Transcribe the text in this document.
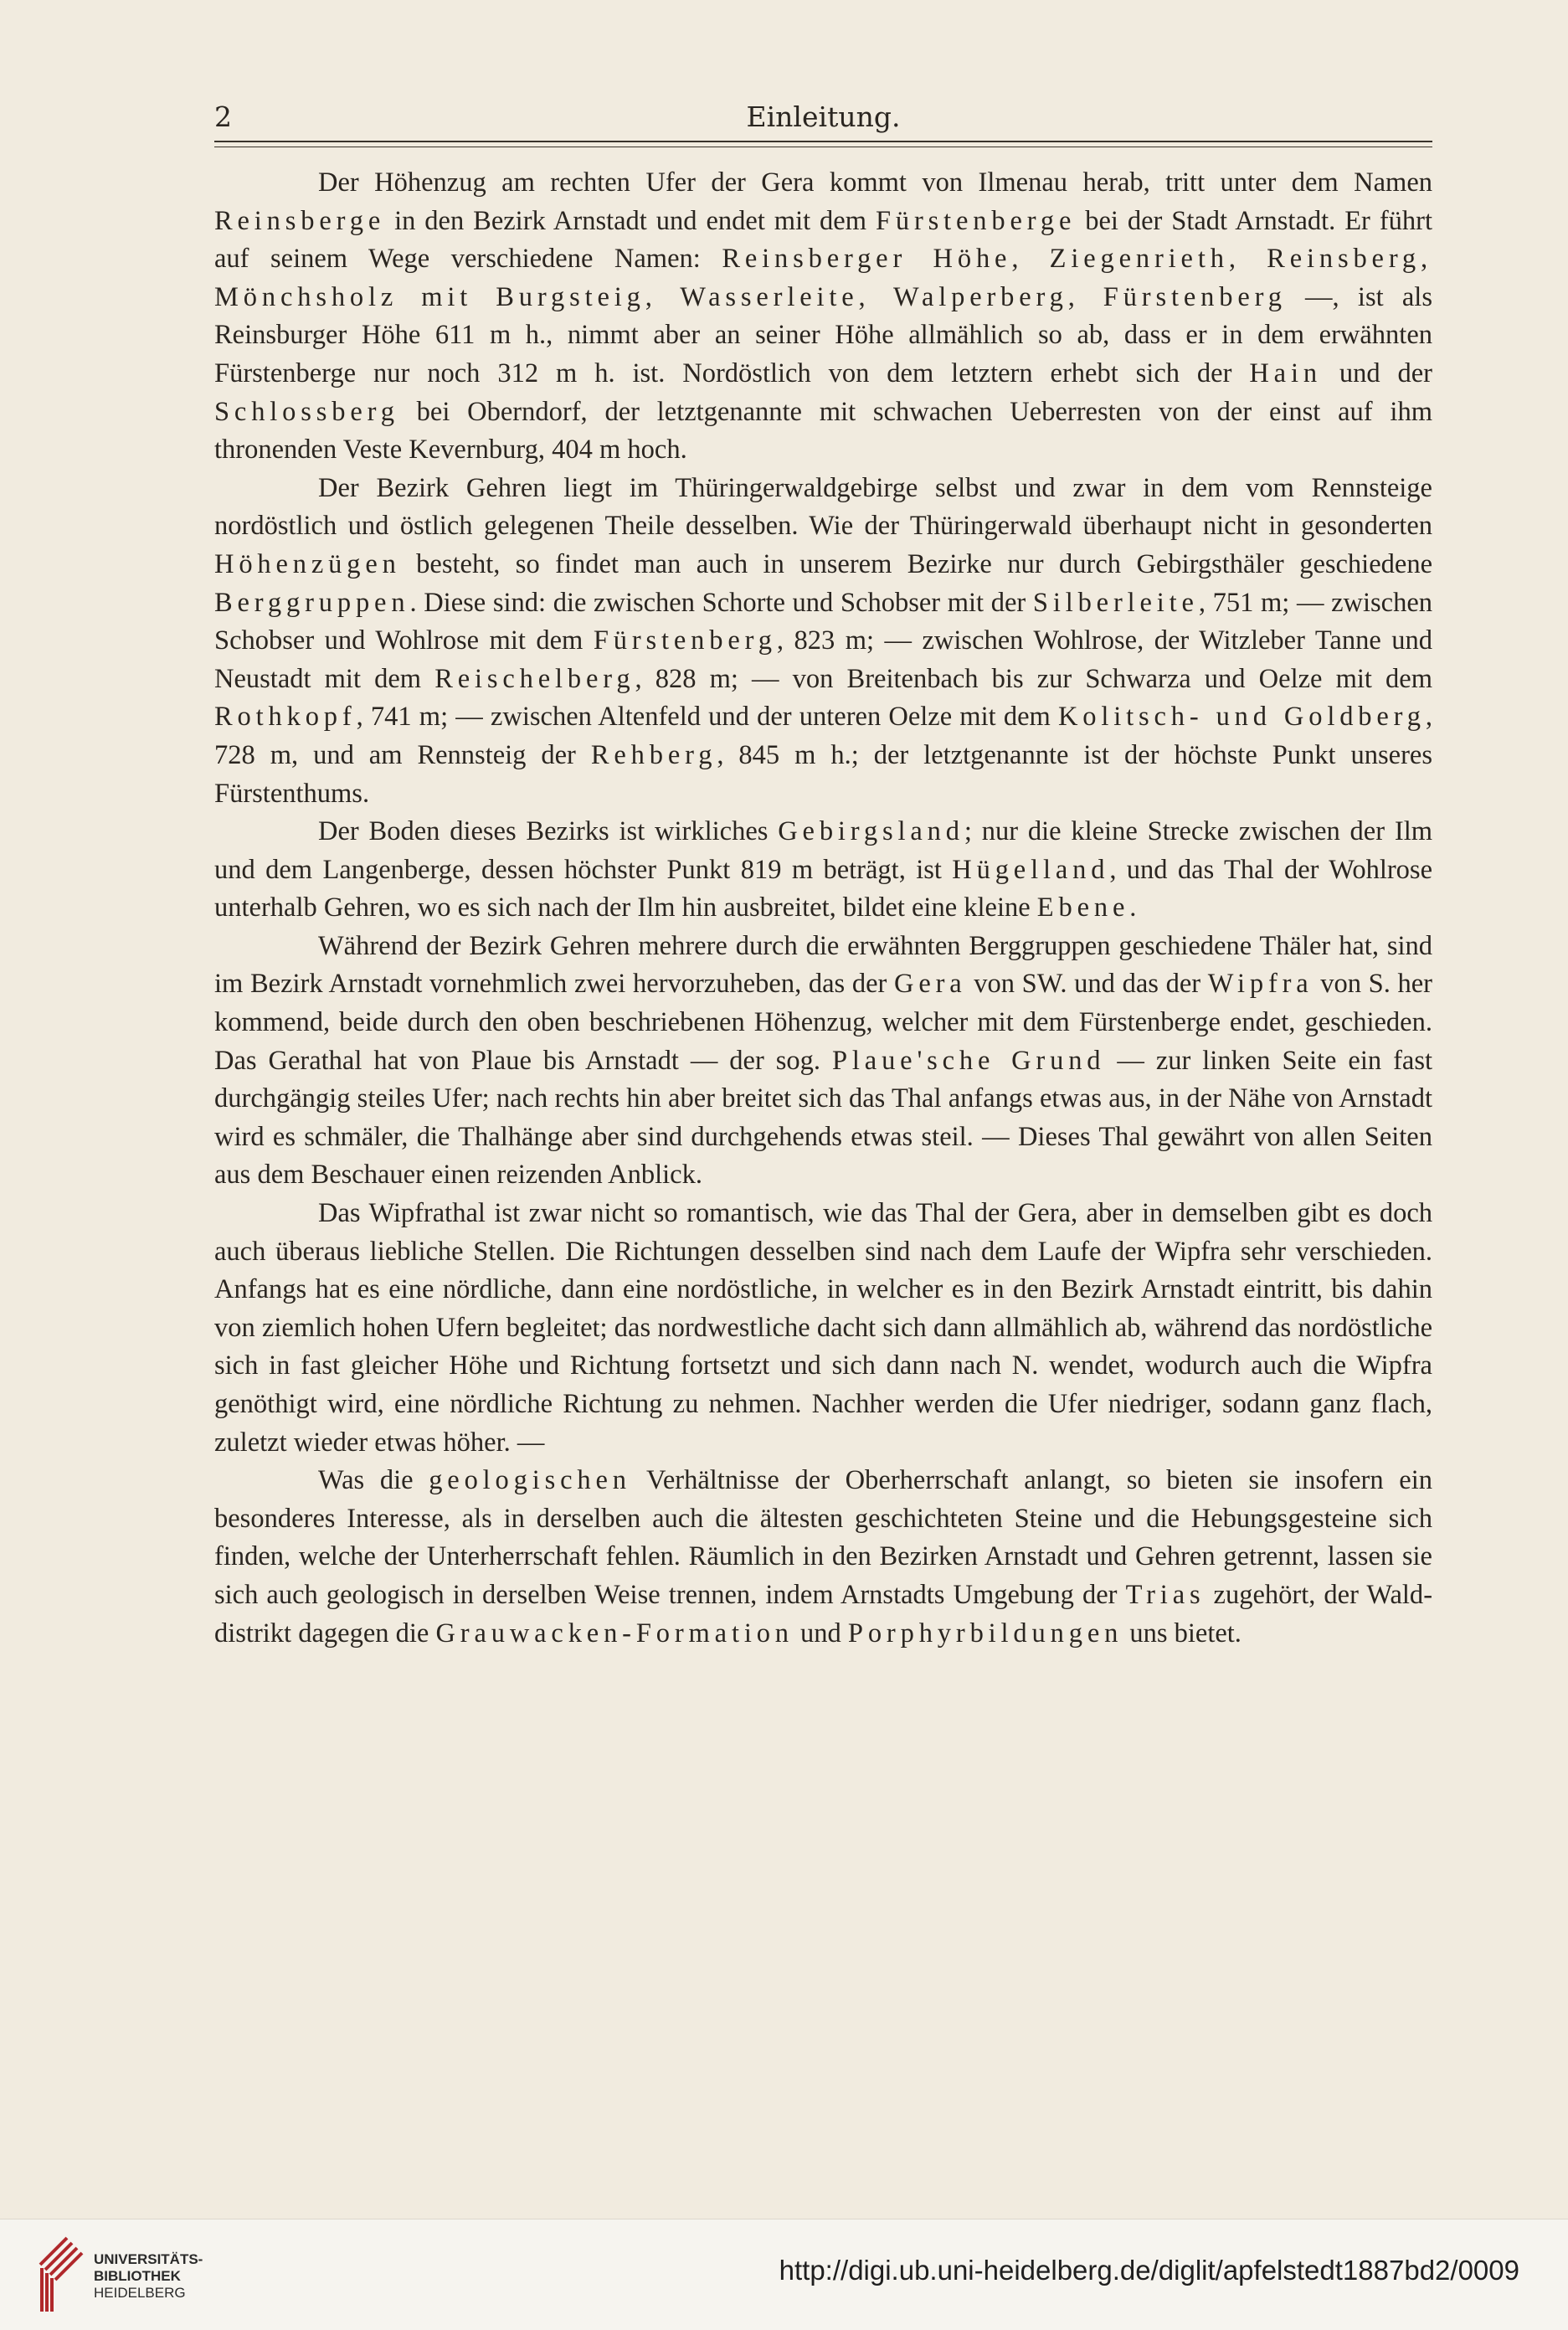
Einleitung.
2

Der Höhenzug am rechten Ufer der Gera kommt von Ilmenau herab, tritt unter dem Namen Reinsberge in den Bezirk Arnstadt und endet mit dem Fürstenberge bei der Stadt Arnstadt. Er führt auf seinem Wege verschiedene Namen: Reinsberger Höhe, Ziegenrieth, Reinsberg, Mönchsholz mit Burgsteig, Wasserleite, Walperberg, Fürstenberg —, ist als Reinsburger Höhe 611 m h., nimmt aber an seiner Höhe allmählich so ab, dass er in dem erwähnten Fürstenberge nur noch 312 m h. ist. Nordöstlich von dem letztern erhebt sich der Hain und der Schlossberg bei Oberndorf, der letztgenannte mit schwachen Ueberresten von der einst auf ihm thronenden Veste Kevernburg, 404 m hoch.

Der Bezirk Gehren liegt im Thüringerwaldgebirge selbst und zwar in dem vom Rennsteige nordöstlich und östlich gelegenen Theile desselben. Wie der Thüringerwald überhaupt nicht in gesonderten Höhenzügen besteht, so findet man auch in unserem Bezirke nur durch Gebirgsthäler geschiedene Berggruppen. Diese sind: die zwischen Schorte und Schobser mit der Silberleite, 751 m; — zwischen Schobser und Wohlrose mit dem Fürstenberg, 823 m; — zwischen Wohlrose, der Witzleber Tanne und Neustadt mit dem Reischelberg, 828 m; — von Breitenbach bis zur Schwarza und Oelze mit dem Rothkopf, 741 m; — zwischen Altenfeld und der unteren Oelze mit dem Kolitsch- und Goldberg, 728 m, und am Rennsteig der Rehberg, 845 m h.; der letztgenannte ist der höchste Punkt unseres Fürstenthums.

Der Boden dieses Bezirks ist wirkliches Gebirgsland; nur die kleine Strecke zwischen der Ilm und dem Langenberge, dessen höchster Punkt 819 m beträgt, ist Hügelland, und das Thal der Wohlrose unterhalb Gehren, wo es sich nach der Ilm hin ausbreitet, bildet eine kleine Ebene.

Während der Bezirk Gehren mehrere durch die erwähnten Berggruppen geschiedene Thäler hat, sind im Bezirk Arnstadt vornehmlich zwei hervorzuheben, das der Gera von SW. und das der Wipfra von S. her kommend, beide durch den oben beschriebenen Höhenzug, welcher mit dem Fürstenberge endet, geschieden. Das Gerathal hat von Plaue bis Arnstadt — der sog. Plaue'sche Grund — zur linken Seite ein fast durchgängig steiles Ufer; nach rechts hin aber breitet sich das Thal anfangs etwas aus, in der Nähe von Arnstadt wird es schmäler, die Thalhänge aber sind durchgehends etwas steil. — Dieses Thal gewährt von allen Seiten aus dem Beschauer einen reizenden Anblick.

Das Wipfrathal ist zwar nicht so romantisch, wie das Thal der Gera, aber in demselben gibt es doch auch überaus liebliche Stellen. Die Richtungen desselben sind nach dem Laufe der Wipfra sehr verschieden. Anfangs hat es eine nördliche, dann eine nordöstliche, in welcher es in den Bezirk Arnstadt eintritt, bis dahin von ziemlich hohen Ufern begleitet; das nordwestliche dacht sich dann allmählich ab, während das nordöstliche sich in fast gleicher Höhe und Richtung fortsetzt und sich dann nach N. wendet, wodurch auch die Wipfra genöthigt wird, eine nördliche Richtung zu nehmen. Nachher werden die Ufer niedriger, sodann ganz flach, zuletzt wieder etwas höher. —

Was die geologischen Verhältnisse der Oberherrschaft anlangt, so bieten sie insofern ein besonderes Interesse, als in derselben auch die ältesten geschichteten Steine und die Hebungsgesteine sich finden, welche der Unterherrschaft fehlen. Räumlich in den Bezirken Arnstadt und Gehren getrennt, lassen sie sich auch geologisch in derselben Weise trennen, indem Arnstadts Umgebung der Trias zugehört, der Walddistrikt dagegen die Grauwacken-Formation und Porphyrbildungen uns bietet.

UNIVERSITÄTS-
BIBLIOTHEK
HEIDELBERG
http://digi.ub.uni-heidelberg.de/diglit/apfelstedt1887bd2/0009
